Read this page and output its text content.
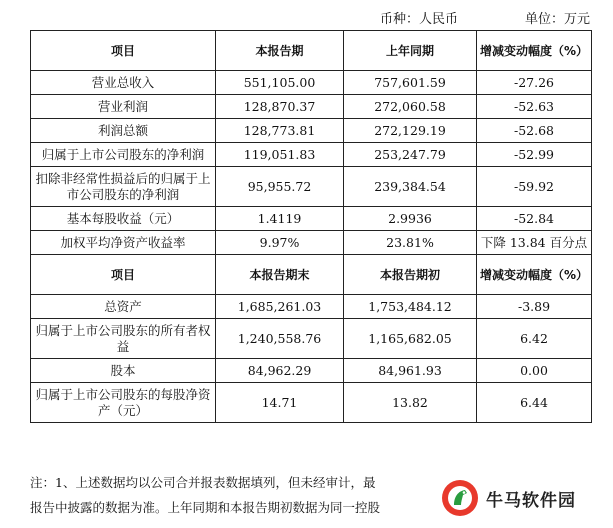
币种：人民币	单位：万元
项目	本报告期	上年同期	增减变动幅度（%）
营业总收入	551,105.00	757,601.59	-27.26
营业利润	128,870.37	272,060.58	-52.63
利润总额	128,773.81	272,129.19	-52.68
归属于上市公司股东的净利润	119,051.83	253,247.79	-52.99
扣除非经常性损益后的归属于上市公司股东的净利润	95,955.72	239,384.54	-59.92
基本每股收益（元）	1.4119	2.9936	-52.84
加权平均净资产收益率	9.97%	23.81%	下降 13.84 百分点
项目	本报告期末	本报告期初	增减变动幅度（%）
总资产	1,685,261.03	1,753,484.12	-3.89
归属于上市公司股东的所有者权益	1,240,558.76	1,165,682.05	6.42
股本	84,962.29	84,961.93	0.00
归属于上市公司股东的每股净资产（元）	14.71	13.82	6.44
注：1、上述数据均以公司合并报表数据填列，但未经审计，最
报告中披露的数据为准。上年同期和本报告期初数据为同一控股	牛马软件园
